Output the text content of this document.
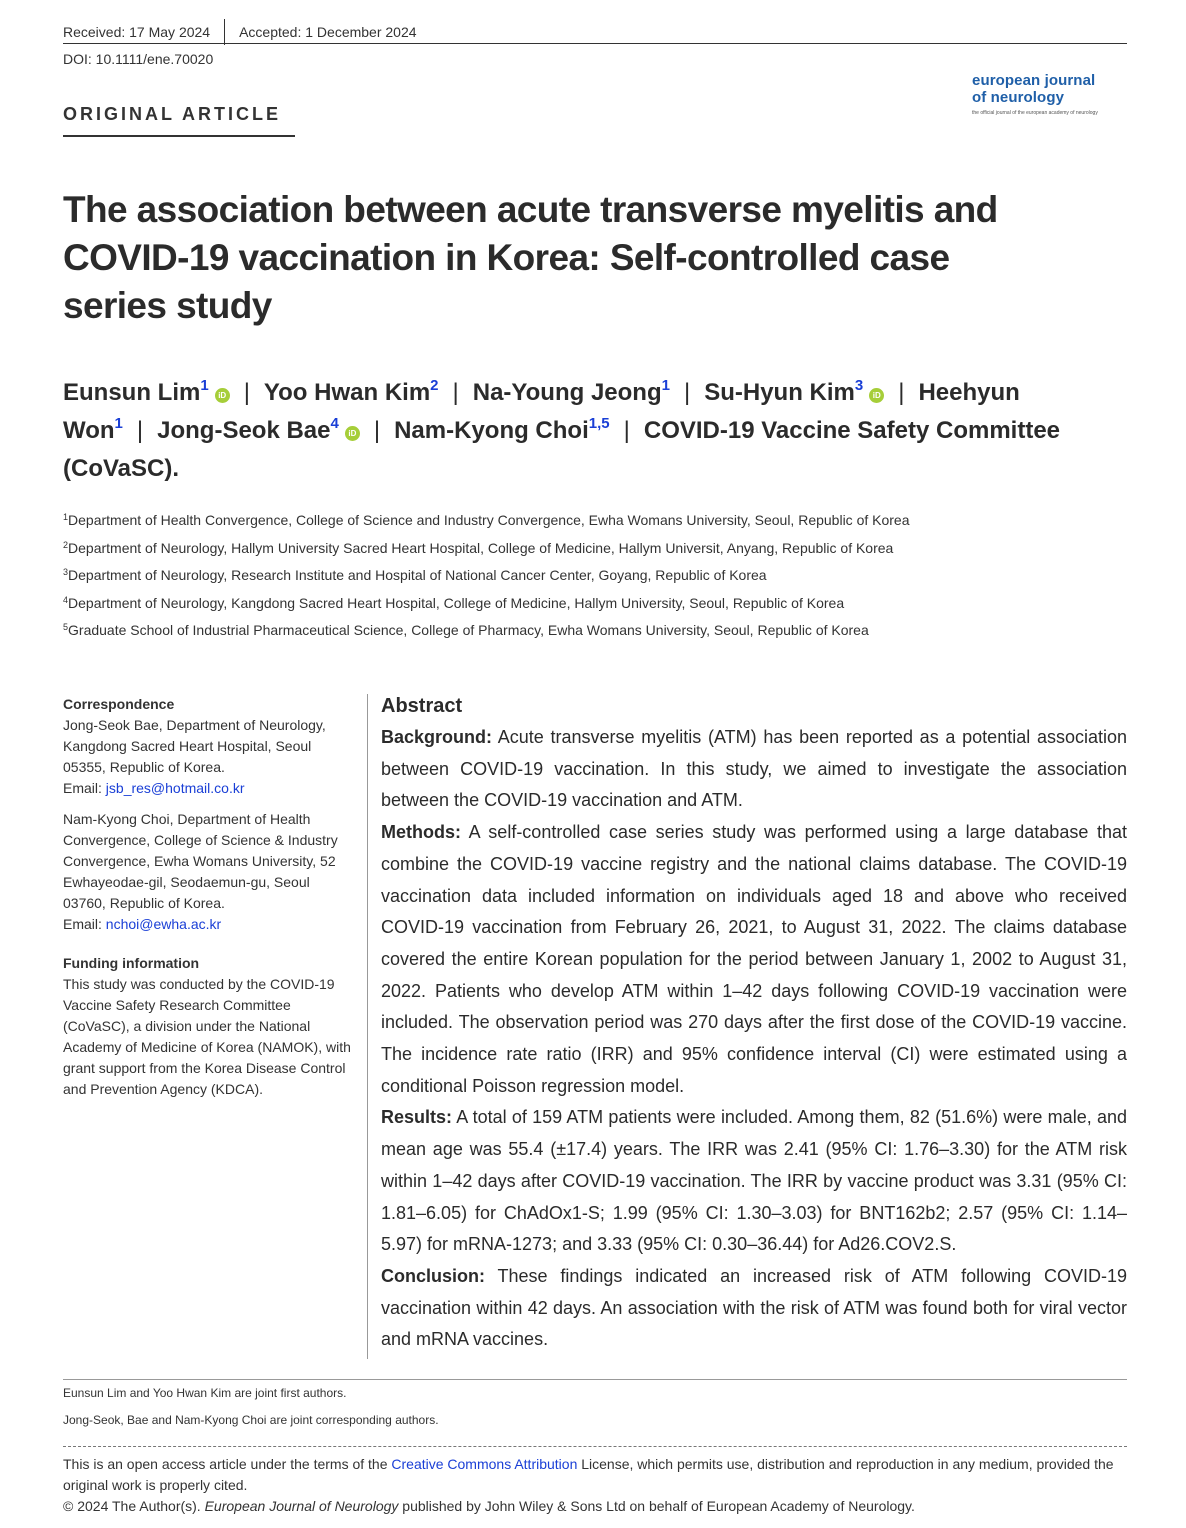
Received: 17 May 2024 Accepted: 1 December 2024
DOI: 10.1111/ene.70020
european journal
of neurology
the official journal of the european academy of neurology
ORIGINAL ARTICLE
The association between acute transverse myelitis and COVID-19 vaccination in Korea: Self-controlled case series study
Eunsun Lim$^1$iD | Yoo Hwan Kim$^2$ | Na-Young Jeong$^1$ | Su-Hyun Kim$^3$iD | Heehyun Won$^1$ | Jong-Seok Bae$^4$iD | Nam-Kyong Choi$^{1,5}$ | COVID-19 Vaccine Safety Committee (CoVaSC).
$^1$Department of Health Convergence, College of Science and Industry Convergence, Ewha Womans University, Seoul, Republic of Korea
$^2$Department of Neurology, Hallym University Sacred Heart Hospital, College of Medicine, Hallym Universit, Anyang, Republic of Korea
$^3$Department of Neurology, Research Institute and Hospital of National Cancer Center, Goyang, Republic of Korea
$^4$Department of Neurology, Kangdong Sacred Heart Hospital, College of Medicine, Hallym University, Seoul, Republic of Korea
$^5$Graduate School of Industrial Pharmaceutical Science, College of Pharmacy, Ewha Womans University, Seoul, Republic of Korea
Correspondence
Jong-Seok Bae, Department of Neurology, Kangdong Sacred Heart Hospital, Seoul 05355, Republic of Korea.
Email: jsb_res@hotmail.co.kr
Nam-Kyong Choi, Department of Health Convergence, College of Science & Industry Convergence, Ewha Womans University, 52 Ewhayeodae-gil, Seodaemun-gu, Seoul 03760, Republic of Korea.
Email: nchoi@ewha.ac.kr
Funding information
This study was conducted by the COVID-19 Vaccine Safety Research Committee (CoVaSC), a division under the National Academy of Medicine of Korea (NAMOK), with grant support from the Korea Disease Control and Prevention Agency (KDCA).
Abstract
Background: Acute transverse myelitis (ATM) has been reported as a potential association between COVID-19 vaccination. In this study, we aimed to investigate the association between the COVID-19 vaccination and ATM.
Methods: A self-controlled case series study was performed using a large database that combine the COVID-19 vaccine registry and the national claims database. The COVID-19 vaccination data included information on individuals aged 18 and above who received COVID-19 vaccination from February 26, 2021, to August 31, 2022. The claims database covered the entire Korean population for the period between January 1, 2002 to August 31, 2022. Patients who develop ATM within 1–42 days following COVID-19 vaccination were included. The observation period was 270 days after the first dose of the COVID-19 vaccine. The incidence rate ratio (IRR) and 95% confidence interval (CI) were estimated using a conditional Poisson regression model.
Results: A total of 159 ATM patients were included. Among them, 82 (51.6%) were male, and mean age was 55.4 (±17.4) years. The IRR was 2.41 (95% CI: 1.76–3.30) for the ATM risk within 1–42 days after COVID-19 vaccination. The IRR by vaccine product was 3.31 (95% CI: 1.81–6.05) for ChAdOx1-S; 1.99 (95% CI: 1.30–3.03) for BNT162b2; 2.57 (95% CI: 1.14–5.97) for mRNA-1273; and 3.33 (95% CI: 0.30–36.44) for Ad26.COV2.S.
Conclusion: These findings indicated an increased risk of ATM following COVID-19 vaccination within 42 days. An association with the risk of ATM was found both for viral vector and mRNA vaccines.
Eunsun Lim and Yoo Hwan Kim are joint first authors.
Jong-Seok, Bae and Nam-Kyong Choi are joint corresponding authors.
This is an open access article under the terms of the Creative Commons Attribution License, which permits use, distribution and reproduction in any medium, provided the original work is properly cited.
© 2024 The Author(s). European Journal of Neurology published by John Wiley & Sons Ltd on behalf of European Academy of Neurology.
